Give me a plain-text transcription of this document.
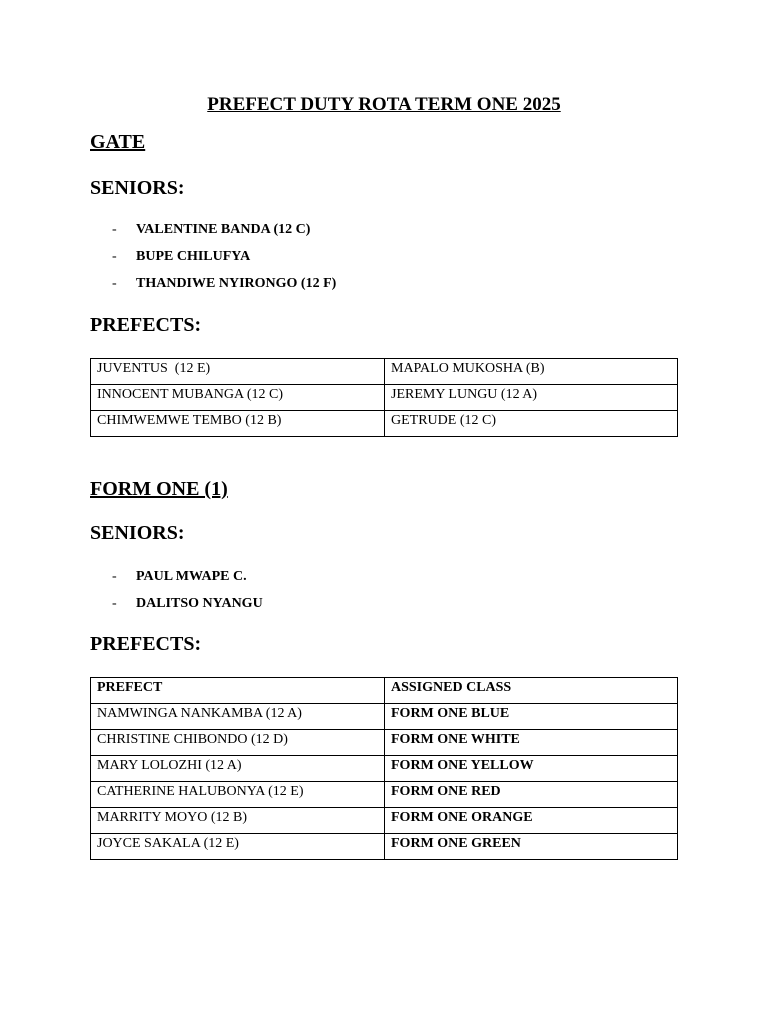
PREFECT DUTY ROTA TERM ONE 2025
GATE
SENIORS:
-	VALENTINE BANDA (12 C)
-	BUPE CHILUFYA
-	THANDIWE NYIRONGO (12 F)
PREFECTS:
JUVENTUS  (12 E)	MAPALO MUKOSHA (B)
INNOCENT MUBANGA (12 C)	JEREMY LUNGU (12 A)
CHIMWEMWE TEMBO (12 B)	GETRUDE (12 C)
FORM ONE (1)
SENIORS:
-	PAUL MWAPE C.
-	DALITSO NYANGU
PREFECTS:
PREFECT	ASSIGNED CLASS
NAMWINGA NANKAMBA (12 A)	FORM ONE BLUE
CHRISTINE CHIBONDO (12 D)	FORM ONE WHITE
MARY LOLOZHI (12 A)	FORM ONE YELLOW
CATHERINE HALUBONYA (12 E)	FORM ONE RED
MARRITY MOYO (12 B)	FORM ONE ORANGE
JOYCE SAKALA (12 E)	FORM ONE GREEN
